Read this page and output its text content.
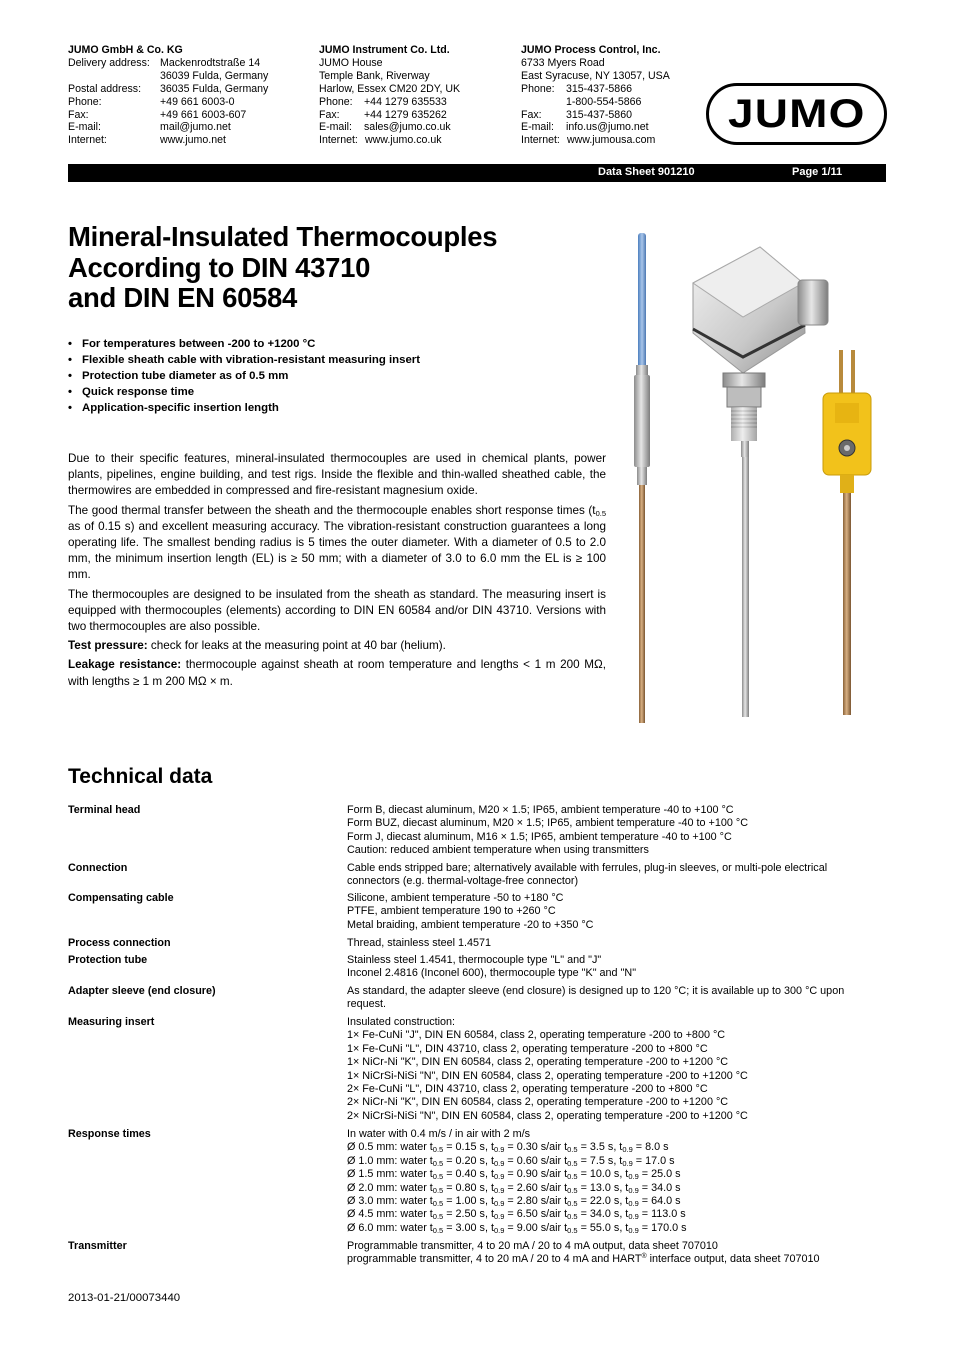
JUMO GmbH & Co. KG
Delivery address: Mackenrodtstraße 14
36039 Fulda, Germany
Postal address:	36035 Fulda, Germany
Phone:	+49 661 6003-0
Fax:	+49 661 6003-607
E-mail:	mail@jumo.net
Internet:	www.jumo.net
JUMO Instrument Co. Ltd.
JUMO House
Temple Bank, Riverway
Harlow, Essex CM20 2DY, UK
Phone:	+44 1279 635533
Fax:	+44 1279 635262
E-mail:	sales@jumo.co.uk
Internet: www.jumo.co.uk
JUMO Process Control, Inc.
6733 Myers Road
East Syracuse, NY 13057, USA
Phone:	315-437-5866
1-800-554-5866
Fax:	315-437-5860
E-mail:	info.us@jumo.net
Internet: www.jumousa.com
JUMO
Data Sheet 901210	Page 1/11
Mineral-Insulated Thermocouples
According to DIN 43710
and DIN EN 60584
• For temperatures between -200 to +1200 °C
• Flexible sheath cable with vibration-resistant measuring insert
• Protection tube diameter as of 0.5 mm
• Quick response time
• Application-specific insertion length

Due to their specific features, mineral-insulated thermocouples are used in chemical plants, power plants, pipelines, engine building, and test rigs. Inside the flexible and thin-walled sheathed cable, the thermowires are embedded in compressed and fire-resistant magnesium oxide.

The good thermal transfer between the sheath and the thermocouple enables short response times ($t_{0.5}$ as of 0.15 s) and excellent measuring accuracy. The vibration-resistant construction guarantees a long operating life. The smallest bending radius is 5 times the outer diameter. With a diameter of 0.5 to 2.0 mm, the minimum insertion length (EL) is ≥ 50 mm; with a diameter of 3.0 to 6.0 mm the EL is ≥ 100 mm.

The thermocouples are designed to be insulated from the sheath as standard. The measuring insert is equipped with thermocouples (elements) according to DIN EN 60584 and/or DIN 43710. Versions with two thermocouples are also possible.

Test pressure: check for leaks at the measuring point at 40 bar (helium).

Leakage resistance: thermocouple against sheath at room temperature and lengths < 1 m 200 MΩ, with lengths ≥ 1 m 200 MΩ × m.

Technical data
Terminal head	Form B, diecast aluminum, M20 × 1.5; IP65, ambient temperature -40 to +100 °C
Form BUZ, diecast aluminum, M20 × 1.5; IP65, ambient temperature -40 to +100 °C
Form J, diecast aluminum, M16 × 1.5; IP65, ambient temperature -40 to +100 °C
Caution: reduced ambient temperature when using transmitters
Connection	Cable ends stripped bare; alternatively available with ferrules, plug-in sleeves, or multi-pole electrical
connectors (e.g. thermal-voltage-free connector)
Compensating cable	Silicone, ambient temperature -50 to +180 °C
PTFE, ambient temperature 190 to +260 °C
Metal braiding, ambient temperature -20 to +350 °C
Process connection	Thread, stainless steel 1.4571
Protection tube	Stainless steel 1.4541, thermocouple type "L" and "J"
Inconel 2.4816 (Inconel 600), thermocouple type "K" and "N"
Adapter sleeve (end closure)	As standard, the adapter sleeve (end closure) is designed up to 120 °C; it is available up to 300 °C upon
request.
Measuring insert	Insulated construction:
1× Fe-CuNi "J", DIN EN 60584, class 2, operating temperature -200 to +800 °C
1× Fe-CuNi "L", DIN 43710, class 2, operating temperature -200 to +800 °C
1× NiCr-Ni "K", DIN EN 60584, class 2, operating temperature -200 to +1200 °C
1× NiCrSi-NiSi "N", DIN EN 60584, class 2, operating temperature -200 to +1200 °C
2× Fe-CuNi "L", DIN 43710, class 2, operating temperature -200 to +800 °C
2× NiCr-Ni "K", DIN EN 60584, class 2, operating temperature -200 to +1200 °C
2× NiCrSi-NiSi "N", DIN EN 60584, class 2, operating temperature -200 to +1200 °C
Response times	In water with 0.4 m/s / in air with 2 m/s
Ø 0.5 mm: water $t_{0.5} = 0.15$ s, $t_{0.9} = 0.30$ s/air $t_{0.5} = 3.5$ s, $t_{0.9} = 8.0$ s
Ø 1.0 mm: water $t_{0.5} = 0.20$ s, $t_{0.9} = 0.60$ s/air $t_{0.5} = 7.5$ s, $t_{0.9} = 17.0$ s
Ø 1.5 mm: water $t_{0.5} = 0.40$ s, $t_{0.9} = 0.90$ s/air $t_{0.5} = 10.0$ s, $t_{0.9} = 25.0$ s
Ø 2.0 mm: water $t_{0.5} = 0.80$ s, $t_{0.9} = 2.60$ s/air $t_{0.5} = 13.0$ s, $t_{0.9} = 34.0$ s
Ø 3.0 mm: water $t_{0.5} = 1.00$ s, $t_{0.9} = 2.80$ s/air $t_{0.5} = 22.0$ s, $t_{0.9} = 64.0$ s
Ø 4.5 mm: water $t_{0.5} = 2.50$ s, $t_{0.9} = 6.50$ s/air $t_{0.5} = 34.0$ s, $t_{0.9} = 113.0$ s
Ø 6.0 mm: water $t_{0.5} = 3.00$ s, $t_{0.9} = 9.00$ s/air $t_{0.5} = 55.0$ s, $t_{0.9} = 170.0$ s
Transmitter	Programmable transmitter, 4 to 20 mA / 20 to 4 mA output, data sheet 707010
programmable transmitter, 4 to 20 mA / 20 to 4 mA and HART® interface output, data sheet 707010
2013-01-21/00073440
